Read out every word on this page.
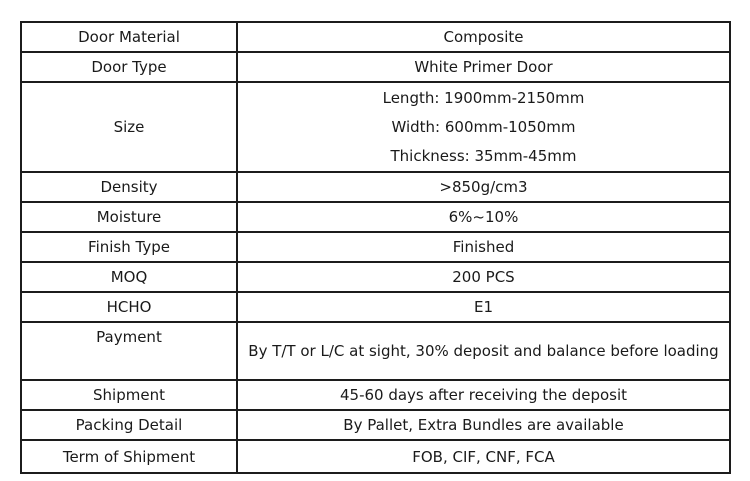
Door Material	Composite
Door Type	White Primer Door
Size	Length: 1900mm-2150mm
Width: 600mm-1050mm
Thickness: 35mm-45mm

Density	>850g/cm3
Moisture	6%~10%
Finish Type	Finished
MOQ	200 PCS
HCHO	E1
Payment	By T/T or L/C at sight, 30% deposit and balance before loading
Shipment	45-60 days after receiving the deposit
Packing Detail	By Pallet, Extra Bundles are available
Term of Shipment	FOB, CIF, CNF, FCA
